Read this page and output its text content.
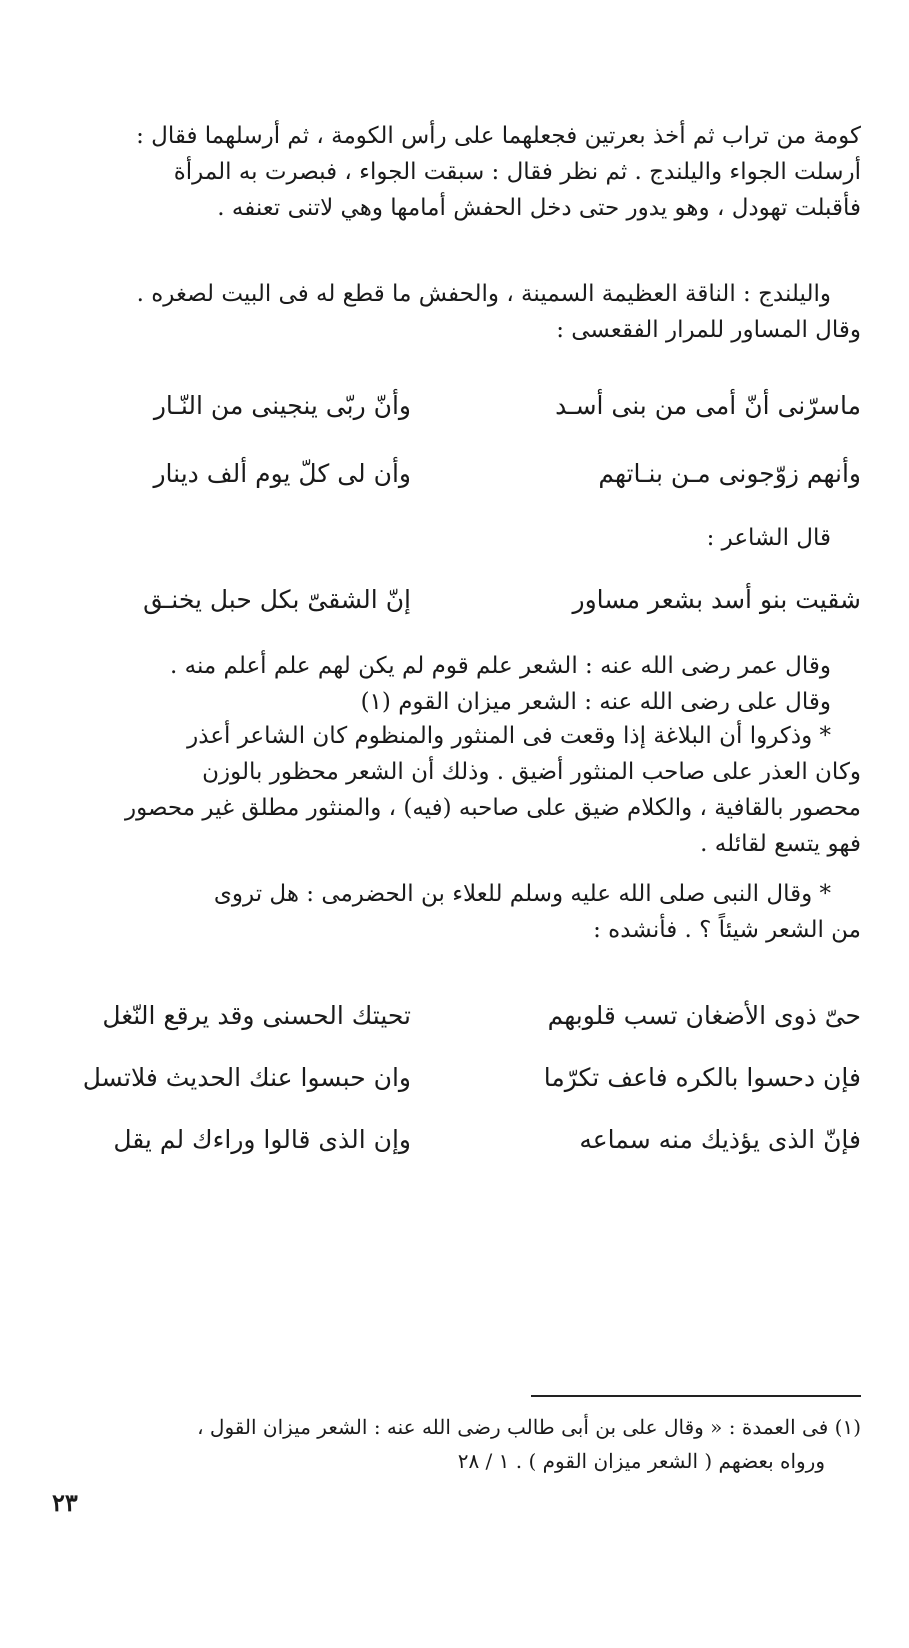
كومة من تراب ثم أخذ بعرتين فجعلهما على رأس الكومة ، ثم أرسلهما فقال :
أرسلت الجواء واليلندج . ثم نظر فقال : سبقت الجواء ، فبصرت به المرأة
فأقبلت تهودل ، وهو يدور حتى دخل الحفش أمامها وهي لاتنى تعنفه .
واليلندج : الناقة العظيمة السمينة ، والحفش ما قطع له فى البيت لصغره .
وقال المساور للمرار الفقعسى :
ماسرّنى أنّ أمى من بنى أسـد
وأنّ ربّى ينجينى من النّـار
وأنهم زوّجونى مـن بنـاتهم
وأن لى كلّ يوم ألف دينار
قال الشاعر :
شقيت بنو أسد بشعر مساور
إنّ الشقىّ بكل حبل يخنـق
وقال عمر رضى الله عنه : الشعر علم قوم لم يكن لهم علم أعلم منه .
وقال على رضى الله عنه : الشعر ميزان القوم (١)
* وذكروا أن البلاغة إذا وقعت فى المنثور والمنظوم كان الشاعر أعذر
وكان العذر على صاحب المنثور أضيق . وذلك أن الشعر محظور بالوزن
محصور بالقافية ، والكلام ضيق على صاحبه (فيه) ، والمنثور مطلق غير محصور
فهو يتسع لقائله .
* وقال النبى صلى الله عليه وسلم للعلاء بن الحضرمى : هل تروى
من الشعر شيئاً ؟ . فأنشده :
حىّ ذوى الأضغان تسب قلوبهم
تحيتك الحسنى وقد يرقع النّغل
فإن دحسوا بالكره فاعف تكرّما
وان حبسوا عنك الحديث فلاتسل
فإنّ الذى يؤذيك منه سماعه
وإن الذى قالوا وراءك لم يقل
(١) فى العمدة : « وقال على بن أبى طالب رضى الله عنه : الشعر ميزان القول ،
ورواه بعضهم ( الشعر ميزان القوم ) . ١ / ٢٨
٢٣
